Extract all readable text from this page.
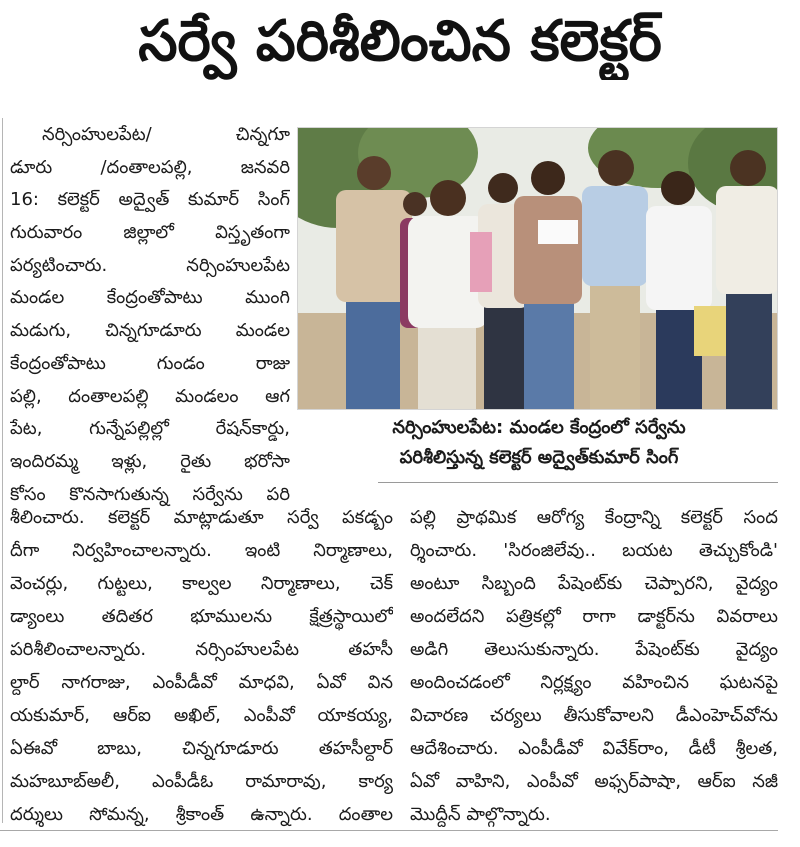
సర్వే పరిశీలించిన కలెక్టర్
నర్సింహులపేట/ చిన్నగూ
డూరు /దంతాలపల్లి, జనవరి
16: కలెక్టర్ అద్వైత్ కుమార్ సింగ్
గురువారం జిల్లాలో విస్తృతంగా
పర్యటించారు. నర్సింహులపేట
మండల కేంద్రంతోపాటు ముంగి
మడుగు, చిన్నగూడూరు మండల
కేంద్రంతోపాటు గుండం రాజు
పల్లి, దంతాలపల్లి మండలం ఆగ
పేట, గున్నేపల్లిల్లో రేషన్‌కార్డు,
ఇందిరమ్మ ఇళ్లు, రైతు భరోసా
కోసం కొనసాగుతున్న సర్వేను పరి
నర్సింహులపేట: మండల కేంద్రంలో సర్వేను
పరిశీలిస్తున్న కలెక్టర్ అద్వైత్‌కుమార్ సింగ్
శీలించారు. కలెక్టర్ మాట్లాడుతూ సర్వే పకడ్బం
దీగా నిర్వహించాలన్నారు. ఇంటి నిర్మాణాలు,
వెంచర్లు, గుట్టలు, కాల్వల నిర్మాణాలు, చెక్
డ్యాంలు తదితర భూములను క్షేత్రస్థాయిలో
పరిశీలించాలన్నారు. నర్సింహులపేట తహసీ
ల్దార్ నాగరాజు, ఎంపీడీవో మాధవి, ఏవో విన
యకుమార్, ఆర్ఐ అఖిల్, ఎంపీవో యాకయ్య,
ఏఈవో బాబు, చిన్నగూడూరు తహసీల్దార్
మహబూబ్‌అలీ, ఎంపీడీఓ రామారావు, కార్య
దర్శులు సోమన్న, శ్రీకాంత్ ఉన్నారు. దంతాల
పల్లి ప్రాథమిక ఆరోగ్య కేంద్రాన్ని కలెక్టర్ సంద
ర్శించారు. 'సిరంజిలేవు.. బయట తెచ్చుకోండి'
అంటూ సిబ్బంది పేషెంట్‌కు చెప్పారని, వైద్యం
అందలేదని పత్రికల్లో రాగా డాక్టర్‌ను వివరాలు
అడిగి తెలుసుకున్నారు. పేషెంట్‌కు వైద్యం
అందించడంలో నిర్లక్ష్యం వహించిన ఘటనపై
విచారణ చర్యలు తీసుకోవాలని డీఎంహెచ్‌వోను
ఆదేశించారు. ఎంపీడీవో వివేక్‌రాం, డీటీ శ్రీలత,
ఏవో వాహిని, ఎంపీవో అఫ్సర్‌పాషా, ఆర్ఐ నజీ
మొద్దీన్ పాల్గొన్నారు.
